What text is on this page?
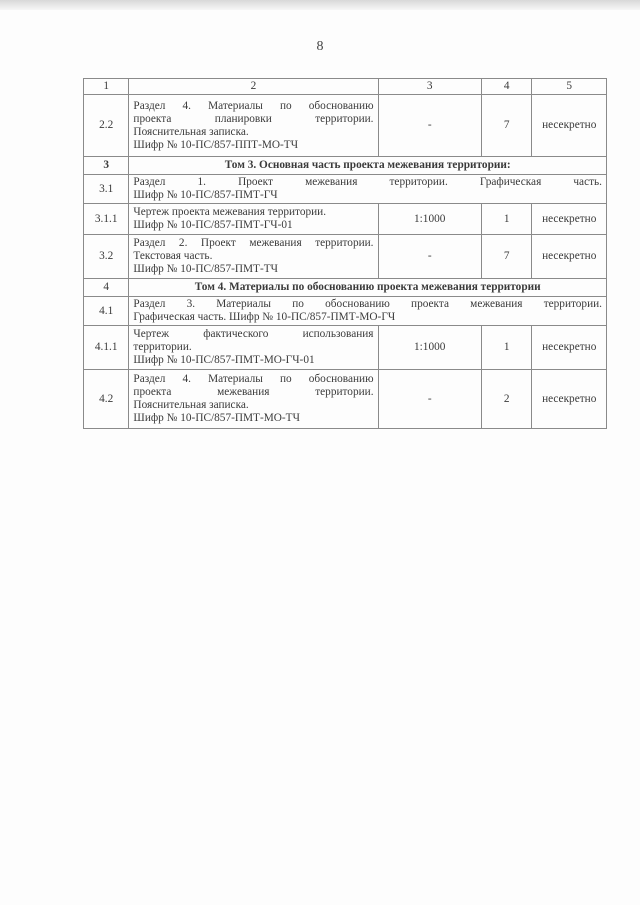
8
1	2	3	4	5
2.2	Раздел 4. Материалы по обоснованию
проекта планировки территории.
Пояснительная записка.
Шифр № 10-ПС/857-ППТ-МО-ТЧ	-	7	несекретно
3	Том 3. Основная часть проекта межевания территории:			
3.1	Раздел 1. Проект межевания территории. Графическая часть.
Шифр № 10-ПС/857-ПМТ-ГЧ			

3.1.1	Чертеж проекта межевания территории.
Шифр № 10-ПС/857-ПМТ-ГЧ-01	1:1000	1	несекретно
3.2	Раздел 2. Проект межевания территории.
Текстовая часть.
Шифр № 10-ПС/857-ПМТ-ТЧ	-	7	несекретно
4	Том 4. Материалы по обоснованию проекта межевания территории			
4.1	Раздел 3. Материалы по обоснованию проекта межевания территории.
Графическая часть. Шифр № 10-ПС/857-ПМТ-МО-ГЧ			

4.1.1	Чертеж фактического использования
территории.
Шифр № 10-ПС/857-ПМТ-МО-ГЧ-01	1:1000	1	несекретно
4.2	Раздел 4. Материалы по обоснованию
проекта межевания территории.
Пояснительная записка.
Шифр № 10-ПС/857-ПМТ-МО-ТЧ	-	2	несекретно
